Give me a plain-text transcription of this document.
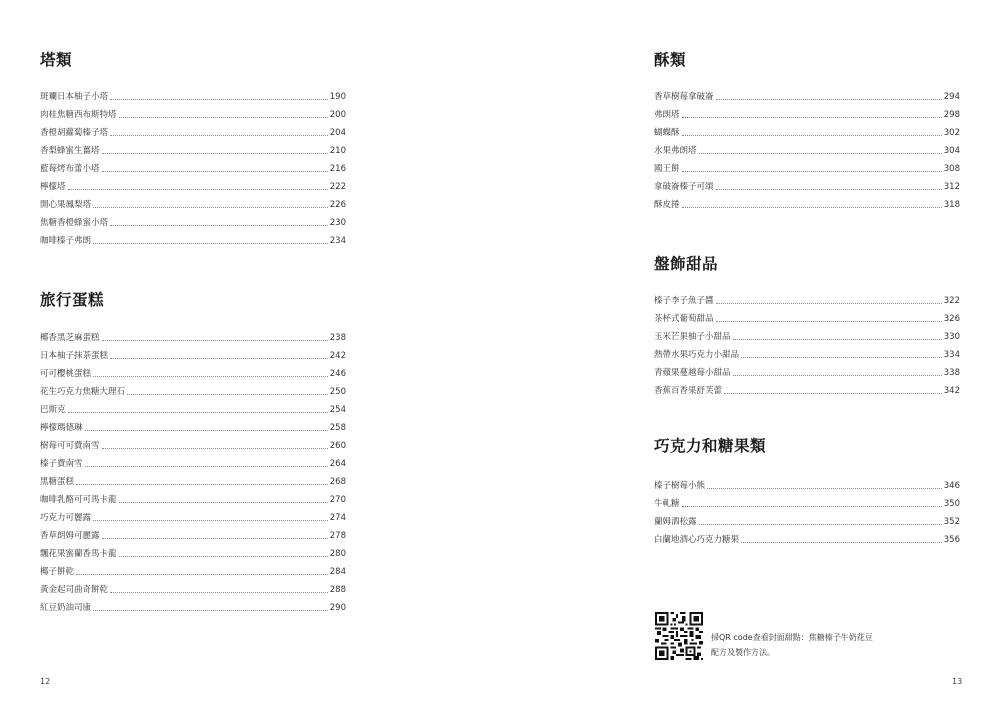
塔類
斑斕日本柚子小塔	190
肉桂焦糖西布斯特塔	200
香橙胡蘿蔔榛子塔	204
香梨蜂蜜生薑塔	210
藍莓烤布蕾小塔	216
檸檬塔	222
開心果鳳梨塔	226
焦糖香橙蜂蜜小塔	230
咖啡榛子弗朗	234
旅行蛋糕
椰香黑芝麻蛋糕	238
日本柚子抹茶蛋糕	242
可可櫻桃蛋糕	246
花生巧克力焦糖大理石	250
巴斯克	254
檸檬瑪德琳	258
樹莓可可費南雪	260
榛子費南雪	264
黑糖蛋糕	268
咖啡乳酪可可馬卡龍	270
巧克力可麗露	274
香草朗姆可麗露	278
飄花果蜜蘭香馬卡龍	280
椰子餅乾	284
黃金起司曲奇餅乾	288
紅豆奶油司康	290
12
酥類
香草樹莓拿破崙	294
弗朗塔	298
蝴蝶酥	302
水果弗朗塔	304
國王餅	308
拿破崙榛子可頌	312
酥皮捲	318
盤飾甜品
榛子李子魚子醬	322
茶杯式葡萄甜品	326
玉米芒果柚子小甜品	330
熱帶水果巧克力小甜品	334
青蘋果蔓越莓小甜品	338
香蕉百香果舒芙蕾	342
巧克力和糖果類
榛子樹莓小熊	346
牛軋糖	350
蘭姆酒松露	352
白蘭地酒心巧克力糖果	356
掃QR code查看封面甜點：焦糖榛子牛奶花豆
配方及製作方法。
13
